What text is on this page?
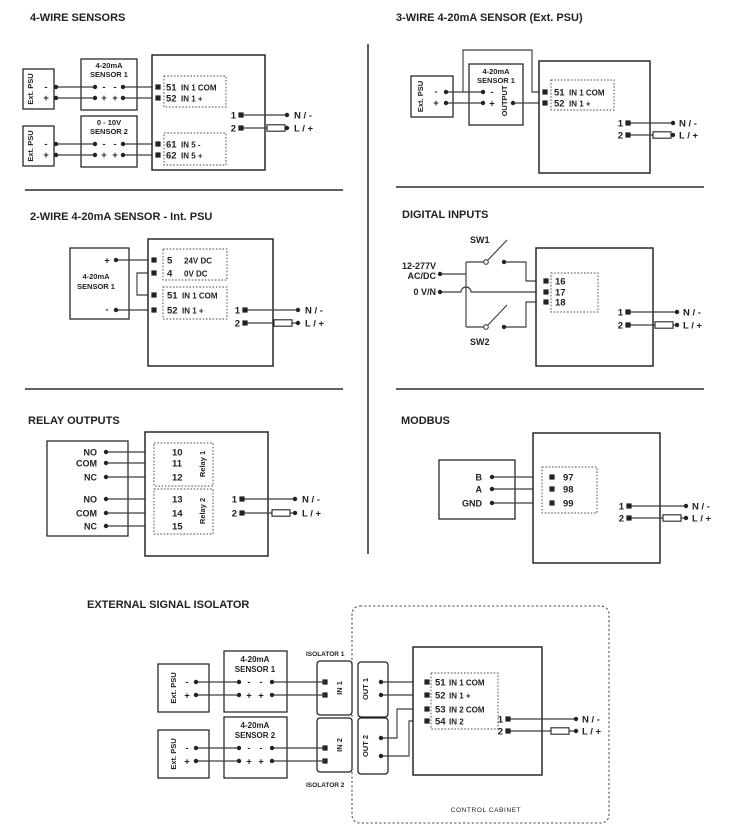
4-WIRE SENSORS
Ext. PSU -
+
4-20mA
SENSOR 1
- -
+ +
Ext. PSU -
+
0 - 10V
SENSOR 2
- -
+ +
51 IN 1 COM
52 IN 1 +
61 IN 5 -
62 IN 5 +
1
2
N / -
L / +
3-WIRE 4-20mA SENSOR (Ext. PSU)
Ext. PSU -
+
4-20mA
SENSOR 1
-
+ OUTPUT	51 IN 1 COM
52 IN 1 +
1
2
N / -
L / +
2-WIRE 4-20mA SENSOR - Int. PSU
4-20mA
SENSOR 1
+
-
5 24V DC
4 0V DC
51 IN 1 COM
52 IN 1 +	1
2
N / -
L / +
DIGITAL INPUTS
12-277V
AC/DC
0 V/N
SW1
SW2
16
17
18
1
2
N / -
L / +
RELAY OUTPUTS
NO
COM
NC
NO
COM
NC
10
11
12
13
14
15
Relay 1
Relay 2	1
2
N / -
L / +
MODBUS
B
A
GND
97
98
99	1
2
N / -
L / +
EXTERNAL SIGNAL ISOLATOR
CONTROL CABINET
Ext. PSU -
+
4-20mA
SENSOR 1
- -
+ +
Ext. PSU -
+
4-20mA
SENSOR 2
- -
+ +
ISOLATOR 1
ISOLATOR 2
IN 1
IN 2
OUT 1
OUT 2
51 IN 1 COM
52 IN 1 +
53 IN 2 COM
54 IN 2	1
2
N / -
L / +
